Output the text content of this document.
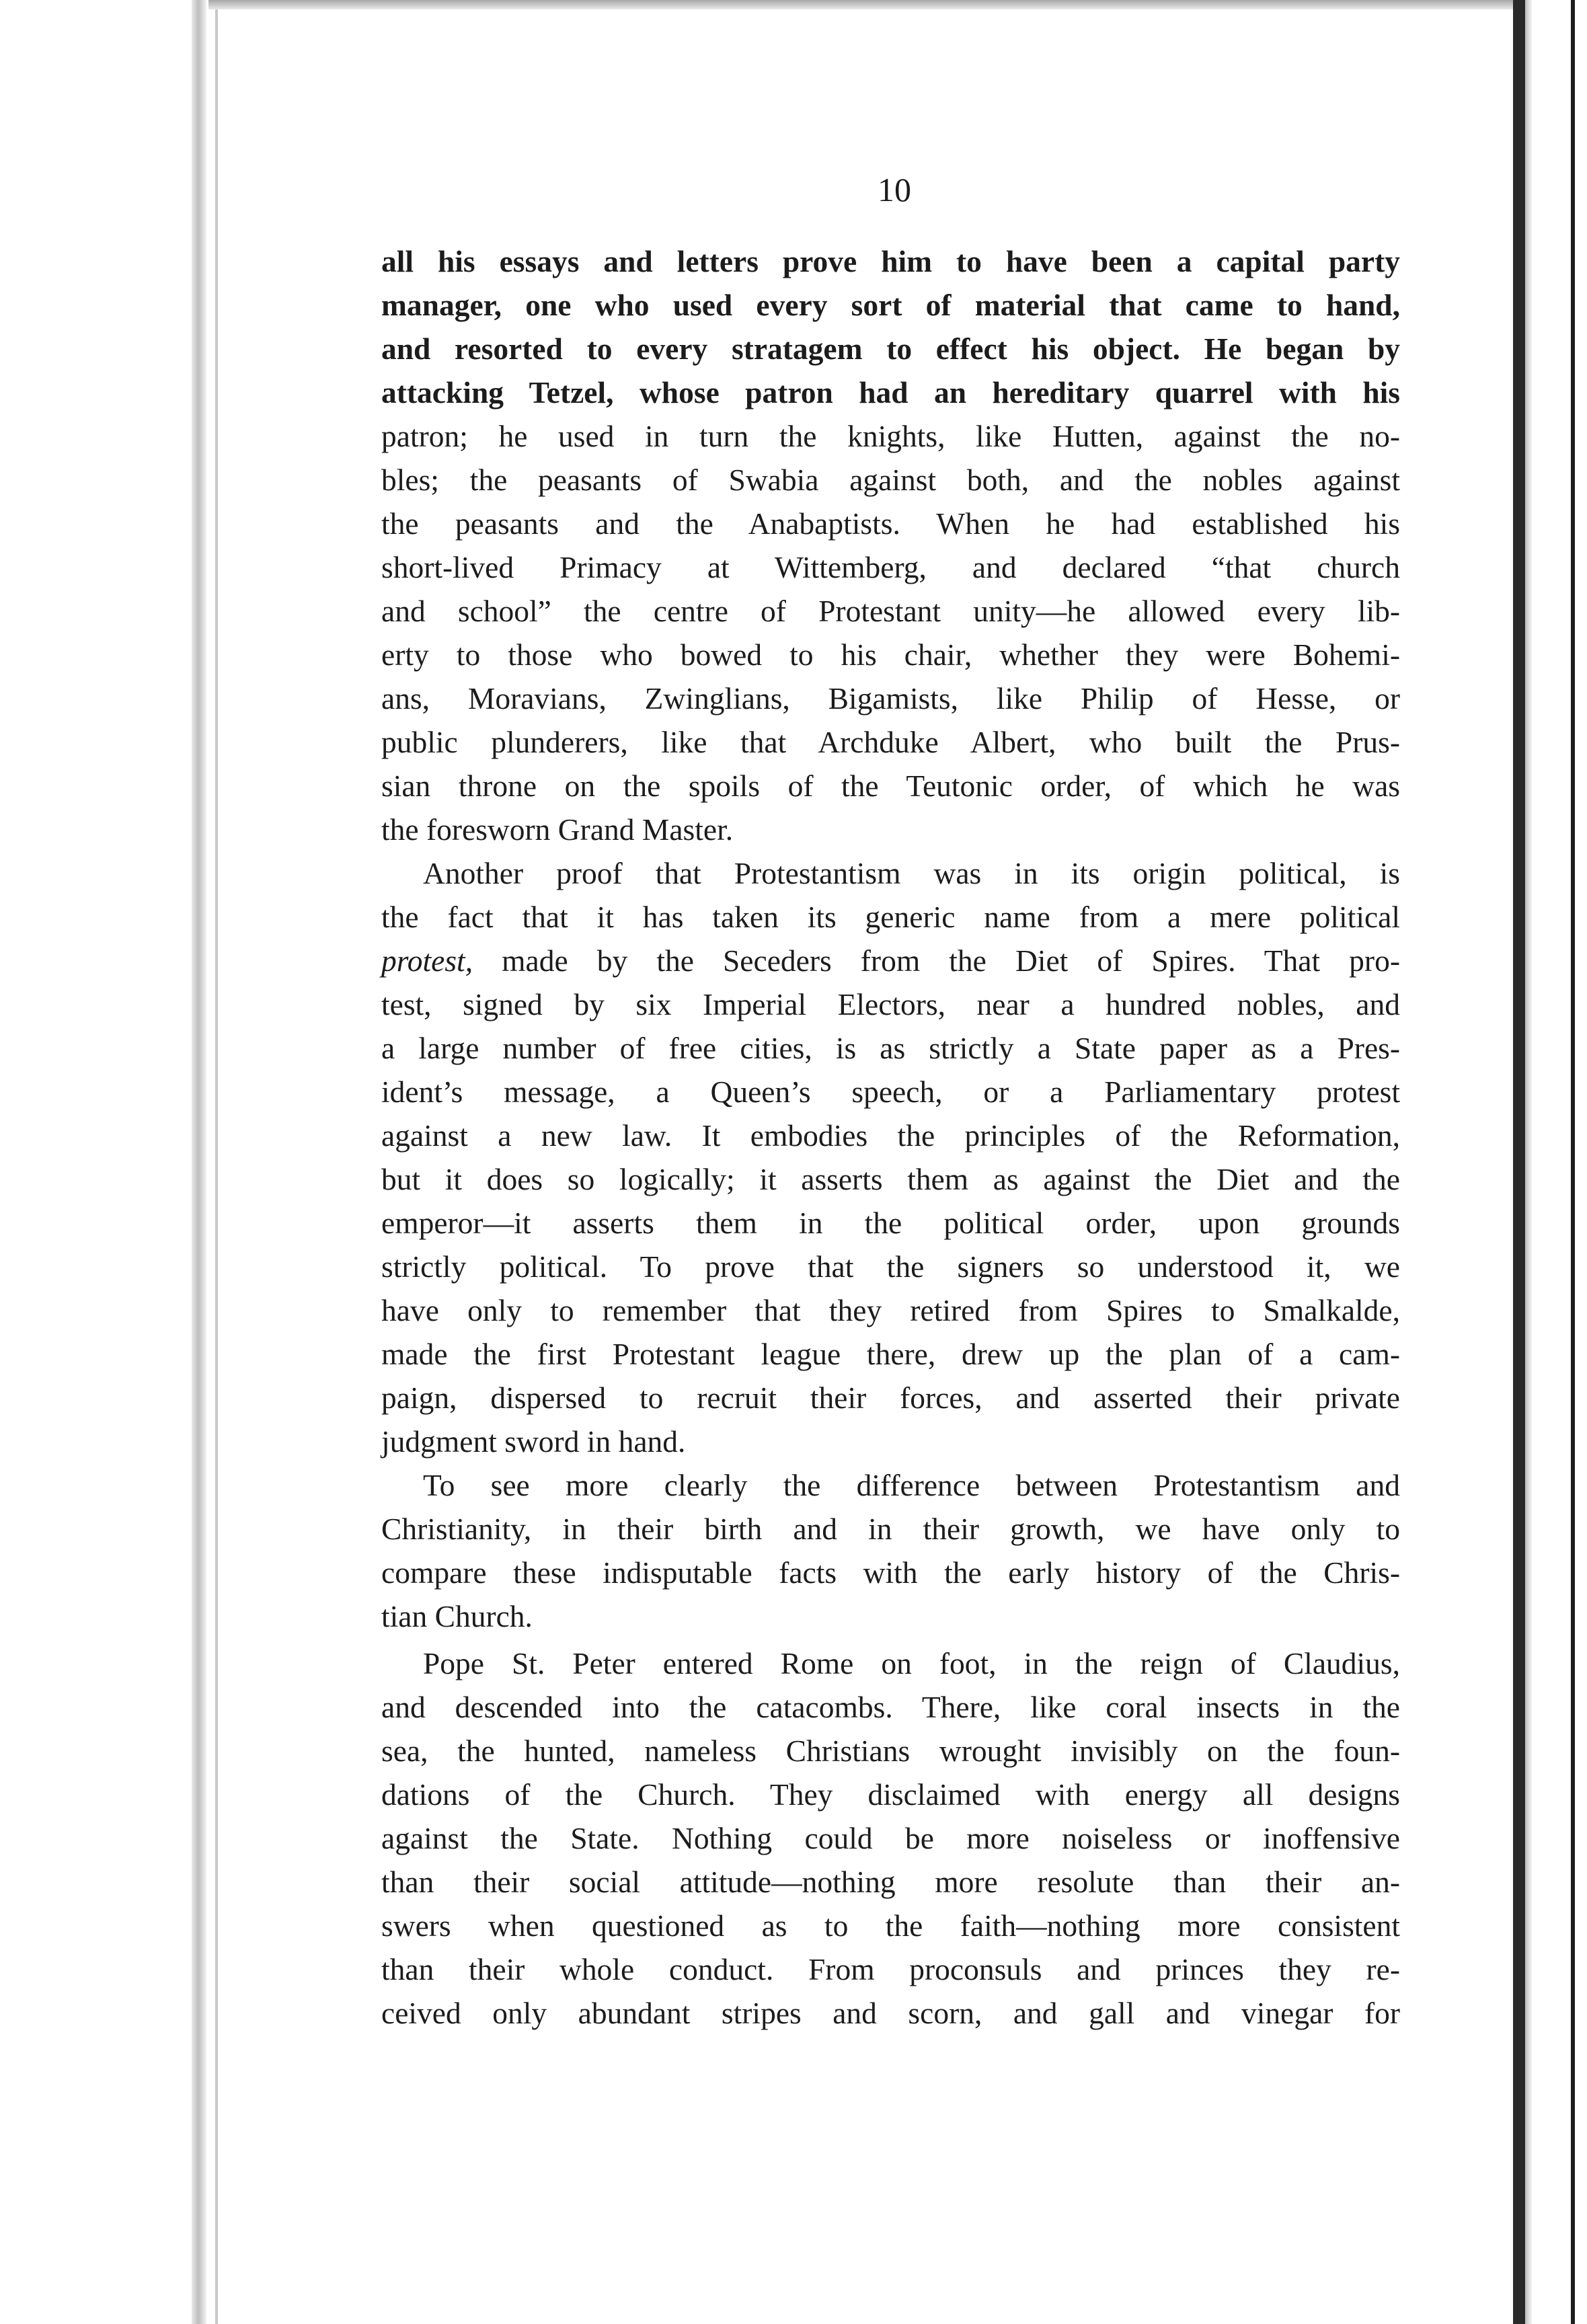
10
all his essays and letters prove him to have been a capital party
manager, one who used every sort of material that came to hand,
and resorted to every stratagem to effect his object. He began by
attacking Tetzel, whose patron had an hereditary quarrel with his
patron; he used in turn the knights, like Hutten, against the no-
bles; the peasants of Swabia against both, and the nobles against
the peasants and the Anabaptists. When he had established his
short-lived Primacy at Wittemberg, and declared “that church
and school” the centre of Protestant unity—he allowed every lib-
erty to those who bowed to his chair, whether they were Bohemi-
ans, Moravians, Zwinglians, Bigamists, like Philip of Hesse, or
public plunderers, like that Archduke Albert, who built the Prus-
sian throne on the spoils of the Teutonic order, of which he was
the foresworn Grand Master.
Another proof that Protestantism was in its origin political, is
the fact that it has taken its generic name from a mere political
protest, made by the Seceders from the Diet of Spires. That pro-
test, signed by six Imperial Electors, near a hundred nobles, and
a large number of free cities, is as strictly a State paper as a Pres-
ident’s message, a Queen’s speech, or a Parliamentary protest
against a new law. It embodies the principles of the Reformation,
but it does so logically; it asserts them as against the Diet and the
emperor—it asserts them in the political order, upon grounds
strictly political. To prove that the signers so understood it, we
have only to remember that they retired from Spires to Smalkalde,
made the first Protestant league there, drew up the plan of a cam-
paign, dispersed to recruit their forces, and asserted their private
judgment sword in hand.
To see more clearly the difference between Protestantism and
Christianity, in their birth and in their growth, we have only to
compare these indisputable facts with the early history of the Chris-
tian Church.
Pope St. Peter entered Rome on foot, in the reign of Claudius,
and descended into the catacombs. There, like coral insects in the
sea, the hunted, nameless Christians wrought invisibly on the foun-
dations of the Church. They disclaimed with energy all designs
against the State. Nothing could be more noiseless or inoffensive
than their social attitude—nothing more resolute than their an-
swers when questioned as to the faith—nothing more consistent
than their whole conduct. From proconsuls and princes they re-
ceived only abundant stripes and scorn, and gall and vinegar for
